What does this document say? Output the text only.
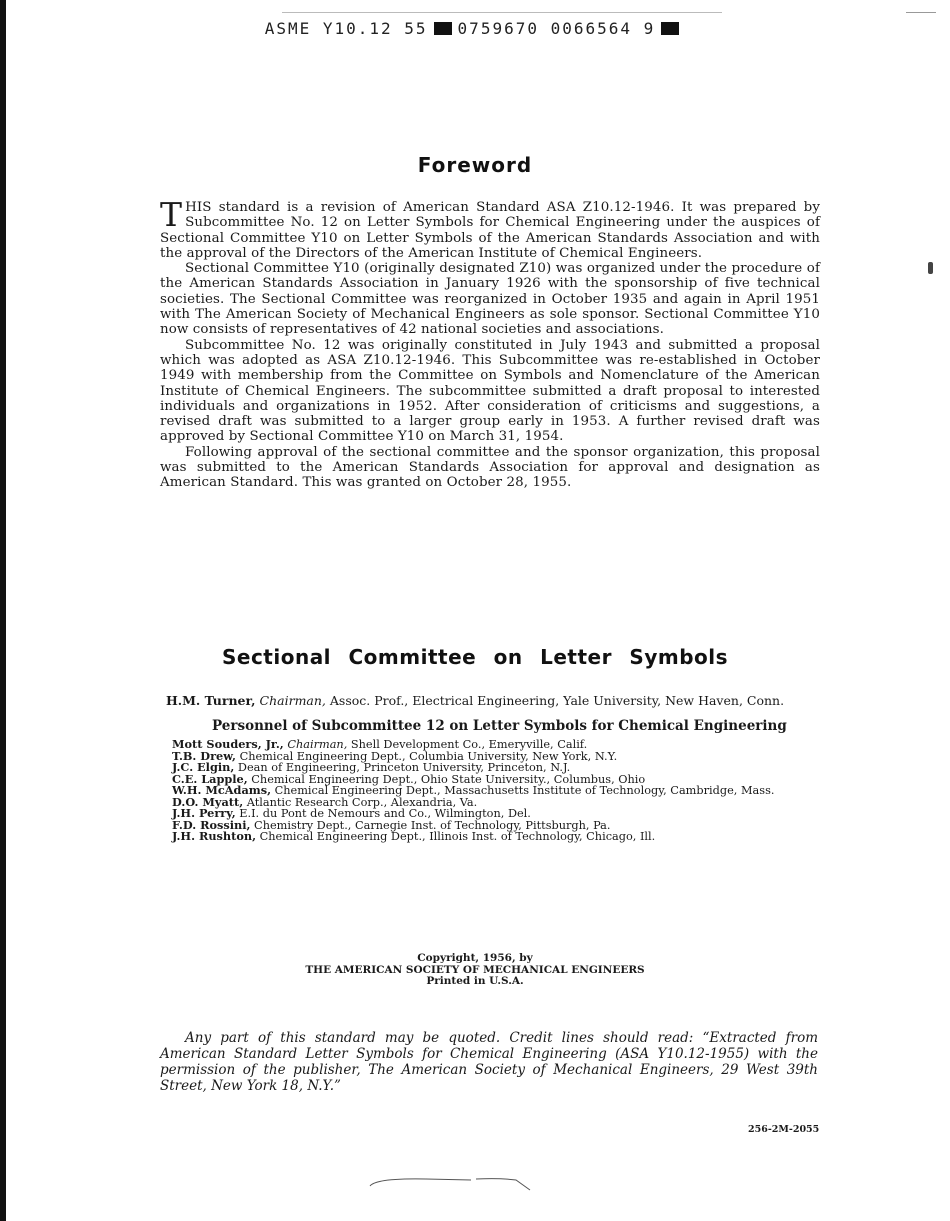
ASME Y10.12 55 0759670 0066564 9
Foreword

THIS standard is a revision of American Standard ASA Z10.12-1946. It was prepared by Subcommittee No. 12 on Letter Symbols for Chemical Engineering under the auspices of Sectional Committee Y10 on Letter Symbols of the American Standards Association and with the approval of the Directors of the American Institute of Chemical Engineers.

Sectional Committee Y10 (originally designated Z10) was organized under the procedure of the American Standards Association in January 1926 with the sponsorship of five technical societies. The Sectional Committee was reorganized in October 1935 and again in April 1951 with The American Society of Mechanical Engineers as sole sponsor. Sectional Committee Y10 now consists of representatives of 42 national societies and associations.

Subcommittee No. 12 was originally constituted in July 1943 and submitted a proposal which was adopted as ASA Z10.12-1946. This Subcommittee was re-established in October 1949 with membership from the Committee on Symbols and Nomenclature of the American Institute of Chemical Engineers. The subcommittee submitted a draft proposal to interested individuals and organizations in 1952. After consideration of criticisms and suggestions, a revised draft was submitted to a larger group early in 1953. A further revised draft was approved by Sectional Committee Y10 on March 31, 1954.

Following approval of the sectional committee and the sponsor organization, this proposal was submitted to the American Standards Association for approval and designation as American Standard. This was granted on October 28, 1955.

Sectional Committee on Letter Symbols
H.M. Turner, Chairman, Assoc. Prof., Electrical Engineering, Yale University, New Haven, Conn.
Personnel of Subcommittee 12 on Letter Symbols for Chemical Engineering
Mott Souders, Jr., Chairman, Shell Development Co., Emeryville, Calif.
T.B. Drew, Chemical Engineering Dept., Columbia University, New York, N.Y.
J.C. Elgin, Dean of Engineering, Princeton University, Princeton, N.J.
C.E. Lapple, Chemical Engineering Dept., Ohio State University., Columbus, Ohio
W.H. McAdams, Chemical Engineering Dept., Massachusetts Institute of Technology, Cambridge, Mass.
D.O. Myatt, Atlantic Research Corp., Alexandria, Va.
J.H. Perry, E.I. du Pont de Nemours and Co., Wilmington, Del.
F.D. Rossini, Chemistry Dept., Carnegie Inst. of Technology, Pittsburgh, Pa.
J.H. Rushton, Chemical Engineering Dept., Illinois Inst. of Technology, Chicago, Ill.
Copyright, 1956, by
THE AMERICAN SOCIETY OF MECHANICAL ENGINEERS
Printed in U.S.A.
Any part of this standard may be quoted. Credit lines should read: “Extracted from American Standard Letter Symbols for Chemical Engineering (ASA Y10.12-1955) with the permission of the publisher, The American Society of Mechanical Engineers, 29 West 39th Street, New York 18, N.Y.”
256-2M-2055
